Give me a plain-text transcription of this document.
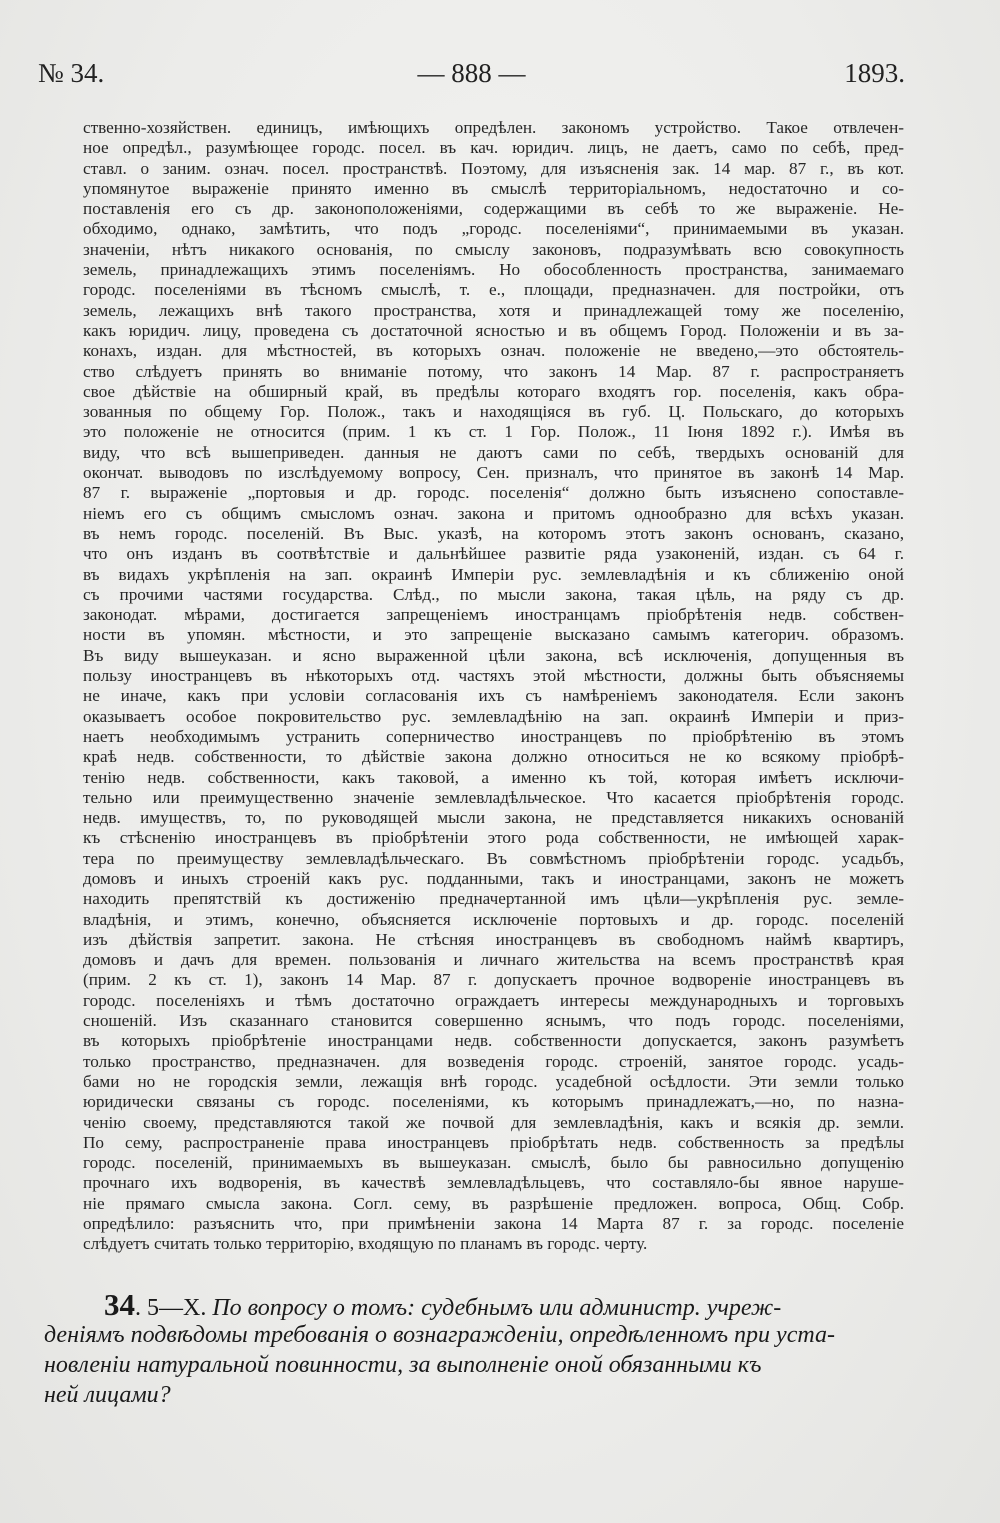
№ 34.	— 888 —	1893.
ственно-хозяйствен. единицъ, имѣющихъ опредѣлен. закономъ устройство. Такое отвлечен-
ное опредѣл., разумѣющее городс. посел. въ кач. юридич. лицъ, не даетъ, само по себѣ, пред-
ставл. о заним. означ. посел. пространствѣ. Поэтому, для изъясненія зак. 14 мар. 87 г., въ кот.
упомянутое выраженіе принято именно въ смыслѣ территоріальномъ, недостаточно и со-
поставленія его съ др. законоположеніями, содержащими въ себѣ то же выраженіе. Не-
обходимо, однако, замѣтить, что подъ „городс. поселеніями“, принимаемыми въ указан.
значеніи, нѣтъ никакого основанія, по смыслу законовъ, подразумѣвать всю совокупность
земель, принадлежащихъ этимъ поселеніямъ. Но обособленность пространства, занимаемаго
городс. поселеніями въ тѣсномъ смыслѣ, т. е., площади, предназначен. для постройки, отъ
земель, лежащихъ внѣ такого пространства, хотя и принадлежащей тому же поселенію,
какъ юридич. лицу, проведена съ достаточной ясностью и въ общемъ Город. Положеніи и въ за-
конахъ, издан. для мѣстностей, въ которыхъ означ. положеніе не введено,—это обстоятель-
ство слѣдуетъ принять во вниманіе потому, что законъ 14 Мар. 87 г. распространяетъ
свое дѣйствіе на обширный край, въ предѣлы котораго входятъ гор. поселенія, какъ обра-
зованныя по общему Гор. Полож., такъ и находящіяся въ губ. Ц. Польскаго, до которыхъ
это положеніе не относится (прим. 1 къ ст. 1 Гор. Полож., 11 Іюня 1892 г.). Имѣя въ
виду, что всѣ вышеприведен. данныя не даютъ сами по себѣ, твердыхъ основаній для
окончат. выводовъ по изслѣдуемому вопросу, Сен. призналъ, что принятое въ законѣ 14 Мар.
87 г. выраженіе „портовыя и др. городс. поселенія“ должно быть изъяснено сопоставле-
ніемъ его съ общимъ смысломъ означ. закона и притомъ однообразно для всѣхъ указан.
въ немъ городс. поселеній. Въ Выс. указѣ, на которомъ этотъ законъ основанъ, сказано,
что онъ изданъ въ соотвѣтствіе и дальнѣйшее развитіе ряда узаконеній, издан. съ 64 г.
въ видахъ укрѣпленія на зап. окраинѣ Имперіи рус. землевладѣнія и къ сближенію оной
съ прочими частями государства. Слѣд., по мысли закона, такая цѣль, на ряду съ др.
законодат. мѣрами, достигается запрещеніемъ иностранцамъ пріобрѣтенія недв. собствен-
ности въ упомян. мѣстности, и это запрещеніе высказано самымъ категорич. образомъ.
Въ виду вышеуказан. и ясно выраженной цѣли закона, всѣ исключенія, допущенныя въ
пользу иностранцевъ въ нѣкоторыхъ отд. частяхъ этой мѣстности, должны быть объясняемы
не иначе, какъ при условіи согласованія ихъ съ намѣреніемъ законодателя. Если законъ
оказываетъ особое покровительство рус. землевладѣнію на зап. окраинѣ Имперіи и приз-
наетъ необходимымъ устранить соперничество иностранцевъ по пріобрѣтенію въ этомъ
краѣ недв. собственности, то дѣйствіе закона должно относиться не ко всякому пріобрѣ-
тенію недв. собственности, какъ таковой, а именно къ той, которая имѣетъ исключи-
тельно или преимущественно значеніе землевладѣльческое. Что касается пріобрѣтенія городс.
недв. имуществъ, то, по руководящей мысли закона, не представляется никакихъ основаній
къ стѣсненію иностранцевъ въ пріобрѣтеніи этого рода собственности, не имѣющей харак-
тера по преимуществу землевладѣльческаго. Въ совмѣстномъ пріобрѣтеніи городс. усадьбъ,
домовъ и иныхъ строеній какъ рус. подданными, такъ и иностранцами, законъ не можетъ
находить препятствій къ достиженію предначертанной имъ цѣли—укрѣпленія рус. земле-
владѣнія, и этимъ, конечно, объясняется исключеніе портовыхъ и др. городс. поселеній
изъ дѣйствія запретит. закона. Не стѣсняя иностранцевъ въ свободномъ наймѣ квартиръ,
домовъ и дачъ для времен. пользованія и личнаго жительства на всемъ пространствѣ края
(прим. 2 къ ст. 1), законъ 14 Мар. 87 г. допускаетъ прочное водвореніе иностранцевъ въ
городс. поселеніяхъ и тѣмъ достаточно ограждаетъ интересы международныхъ и торговыхъ
сношеній. Изъ сказаннаго становится совершенно яснымъ, что подъ городс. поселеніями,
въ которыхъ пріобрѣтеніе иностранцами недв. собственности допускается, законъ разумѣетъ
только пространство, предназначен. для возведенія городс. строеній, занятое городс. усадь-
бами но не городскія земли, лежащія внѣ городс. усадебной осѣдлости. Эти земли только
юридически связаны съ городс. поселеніями, къ которымъ принадлежатъ,—но, по назна-
ченію своему, представляются такой же почвой для землевладѣнія, какъ и всякія др. земли.
По сему, распространеніе права иностранцевъ пріобрѣтать недв. собственность за предѣлы
городс. поселеній, принимаемыхъ въ вышеуказан. смыслѣ, было бы равносильно допущенію
прочнаго ихъ водворенія, въ качествѣ землевладѣльцевъ, что составляло-бы явное наруше-
ніе прямаго смысла закона. Согл. сему, въ разрѣшеніе предложен. вопроса, Общ. Собр.
опредѣлило: разъяснить что, при примѣненіи закона 14 Марта 87 г. за городс. поселеніе
слѣдуетъ считать только территорію, входящую по планамъ въ городс. черту.
34. 5—X. По вопросу о томъ: судебнымъ или администр. учреж-
деніямъ подвѣдомы требованія о вознагражденіи, опредѣленномъ при уста-
новленіи натуральной повинности, за выполненіе оной обязанными къ
ней лицами?
